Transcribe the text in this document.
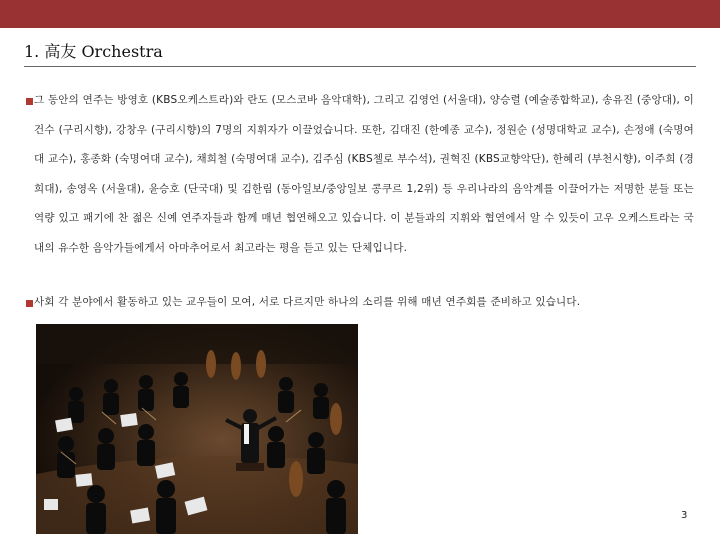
1. 高友 Orchestra
그 동안의 연주는 방영호 (KBS오케스트라)와 란도 (모스코바 음악대학), 그리고 김영언 (서울대), 양승렬 (예술종합학교), 송유진 (중앙대), 이건수 (구리시향), 강창우 (구리시향)의 7명의 지휘자가 이끌었습니다. 또한, 김대진 (한예종 교수), 정원순 (성명대학교 교수), 손정애 (숙명여대 교수), 홍종화 (숙명여대 교수), 채희철 (숙명여대 교수), 김주심 (KBS첼로 부수석), 권혁진 (KBS교향악단), 한혜리 (부천시향), 이주희 (경희대), 송영옥 (서울대), 윤승호 (단국대) 및 김한림 (동아일보/중앙일보 콩쿠르 1,2위) 등 우리나라의 음악계를 이끌어가는 저명한 분들 또는 역량 있고 패기에 찬 젊은 신예 연주자들과 함께 매년 협연해오고 있습니다. 이 분들과의 지휘와 협연에서 알 수 있듯이 고우 오케스트라는 국내의 유수한 음악가들에게서 아마추어로서 최고라는 평을 듣고 있는 단체입니다.
사회 각 분야에서 활동하고 있는 교우들이 모여, 서로 다르지만 하나의 소리를 위해 매년 연주회를 준비하고 있습니다.
3
